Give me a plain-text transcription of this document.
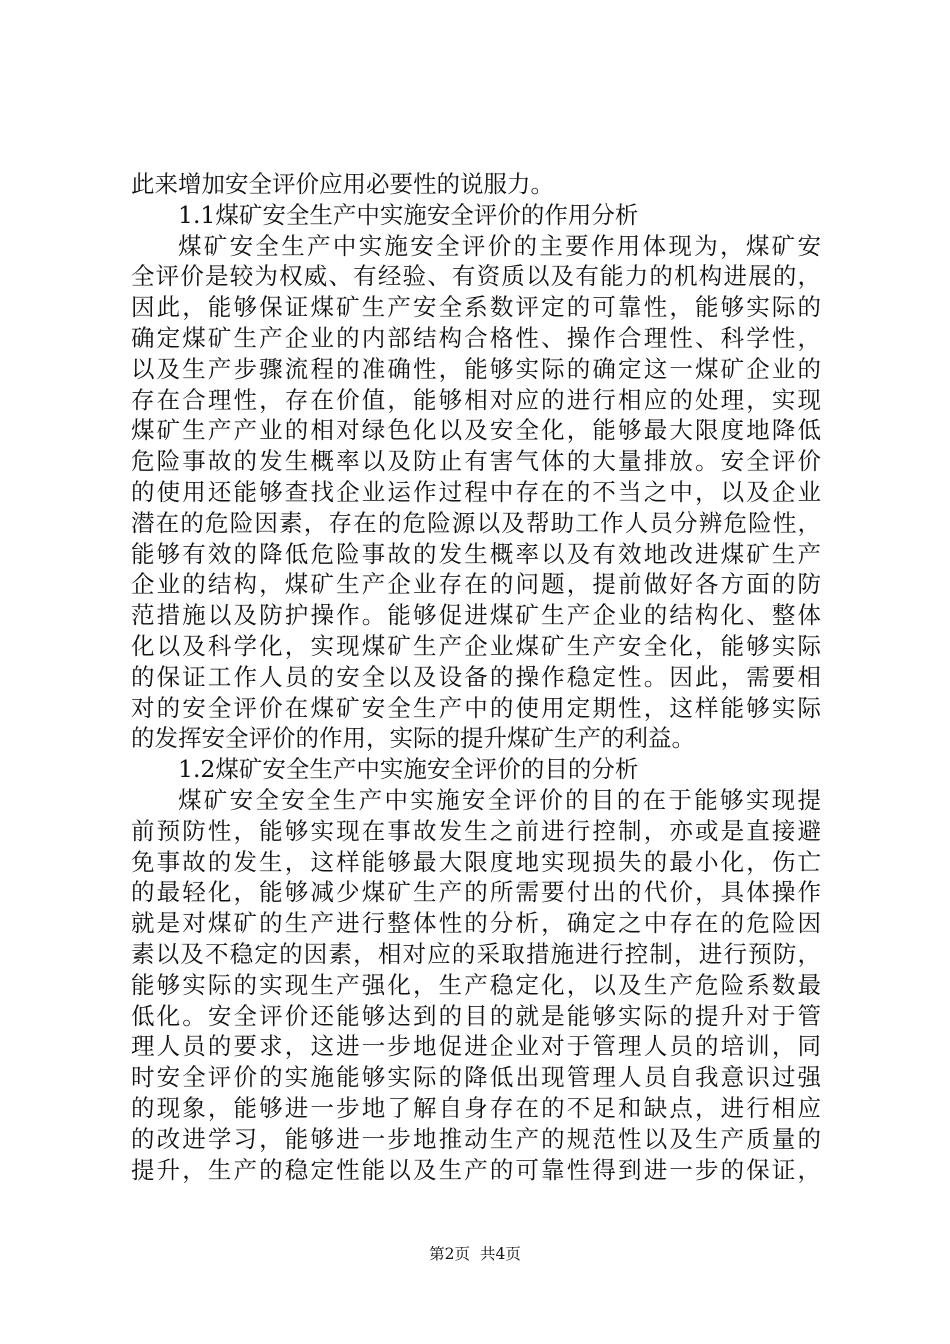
此来增加安全评价应用必要性的说服力。
1.1煤矿安全生产中实施安全评价的作用分析
煤矿安全生产中实施安全评价的主要作用体现为，煤矿安
全评价是较为权威、有经验、有资质以及有能力的机构进展的，
因此，能够保证煤矿生产安全系数评定的可靠性，能够实际的
确定煤矿生产企业的内部结构合格性、操作合理性、科学性，
以及生产步骤流程的准确性，能够实际的确定这一煤矿企业的
存在合理性，存在价值，能够相对应的进行相应的处理，实现
煤矿生产产业的相对绿色化以及安全化，能够最大限度地降低
危险事故的发生概率以及防止有害气体的大量排放。安全评价
的使用还能够查找企业运作过程中存在的不当之中，以及企业
潜在的危险因素，存在的危险源以及帮助工作人员分辨危险性，
能够有效的降低危险事故的发生概率以及有效地改进煤矿生产
企业的结构，煤矿生产企业存在的问题，提前做好各方面的防
范措施以及防护操作。能够促进煤矿生产企业的结构化、整体
化以及科学化，实现煤矿生产企业煤矿生产安全化，能够实际
的保证工作人员的安全以及设备的操作稳定性。因此，需要相
对的安全评价在煤矿安全生产中的使用定期性，这样能够实际
的发挥安全评价的作用，实际的提升煤矿生产的利益。
1.2煤矿安全生产中实施安全评价的目的分析
煤矿安全安全生产中实施安全评价的目的在于能够实现提
前预防性，能够实现在事故发生之前进行控制，亦或是直接避
免事故的发生，这样能够最大限度地实现损失的最小化，伤亡
的最轻化，能够减少煤矿生产的所需要付出的代价，具体操作
就是对煤矿的生产进行整体性的分析，确定之中存在的危险因
素以及不稳定的因素，相对应的采取措施进行控制，进行预防，
能够实际的实现生产强化，生产稳定化，以及生产危险系数最
低化。安全评价还能够达到的目的就是能够实际的提升对于管
理人员的要求，这进一步地促进企业对于管理人员的培训，同
时安全评价的实施能够实际的降低出现管理人员自我意识过强
的现象，能够进一步地了解自身存在的不足和缺点，进行相应
的改进学习，能够进一步地推动生产的规范性以及生产质量的
提升，生产的稳定性能以及生产的可靠性得到进一步的保证，
第2页 共4页
